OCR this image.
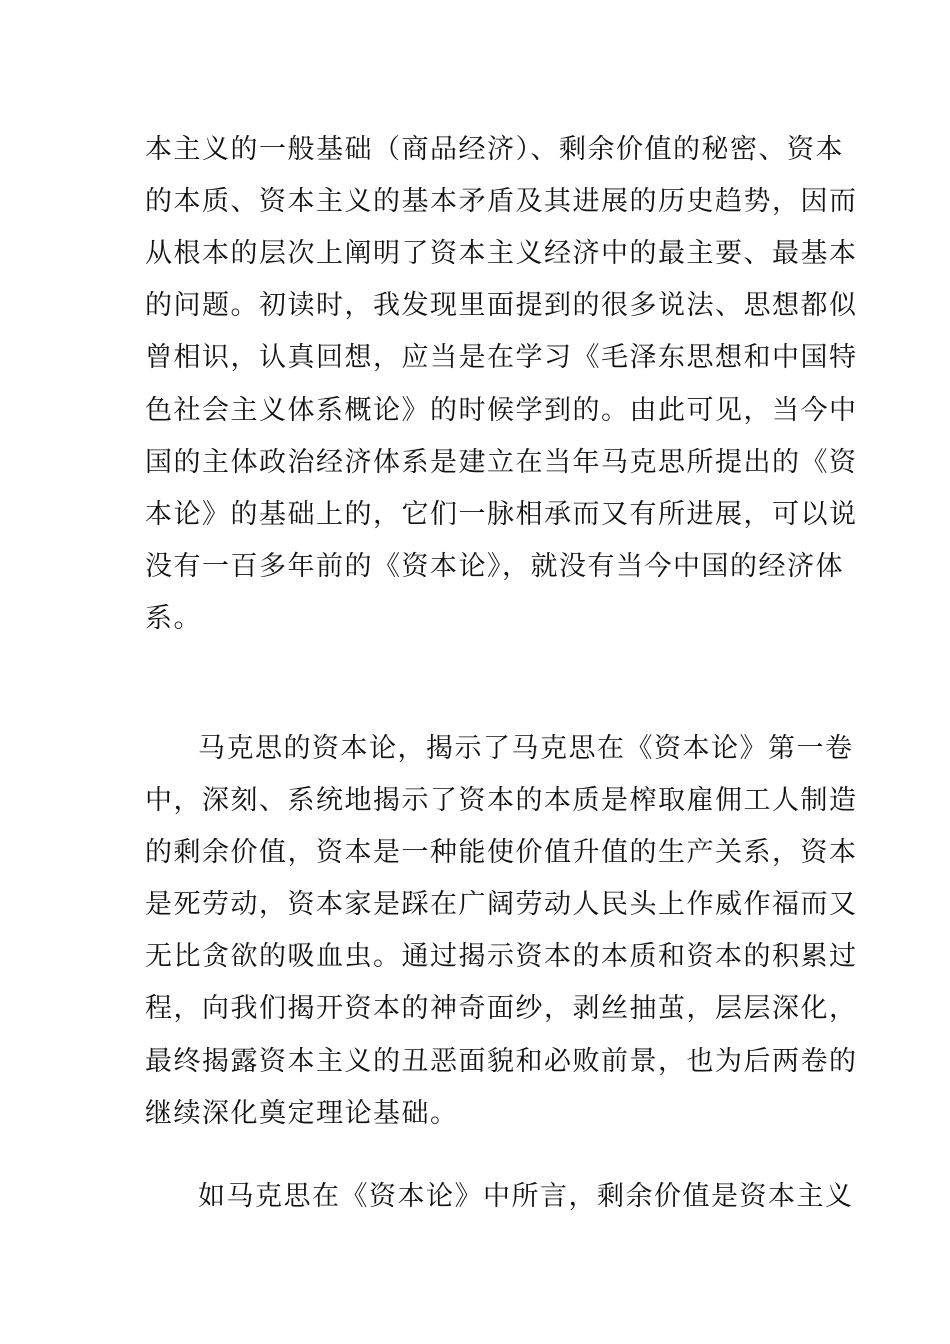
本主义的一般基础（商品经济）、剩余价值的秘密、资本
的本质、资本主义的基本矛盾及其进展的历史趋势，因而
从根本的层次上阐明了资本主义经济中的最主要、最基本
的问题。初读时，我发现里面提到的很多说法、思想都似
曾相识，认真回想，应当是在学习《毛泽东思想和中国特
色社会主义体系概论》的时候学到的。由此可见，当今中
国的主体政治经济体系是建立在当年马克思所提出的《资
本论》的基础上的，它们一脉相承而又有所进展，可以说
没有一百多年前的《资本论》，就没有当今中国的经济体
系。
马克思的资本论，揭示了马克思在《资本论》第一卷
中，深刻、系统地揭示了资本的本质是榨取雇佣工人制造
的剩余价值，资本是一种能使价值升值的生产关系，资本
是死劳动，资本家是踩在广阔劳动人民头上作威作福而又
无比贪欲的吸血虫。通过揭示资本的本质和资本的积累过
程，向我们揭开资本的神奇面纱，剥丝抽茧，层层深化，
最终揭露资本主义的丑恶面貌和必败前景，也为后两卷的
继续深化奠定理论基础。
如马克思在《资本论》中所言，剩余价值是资本主义
